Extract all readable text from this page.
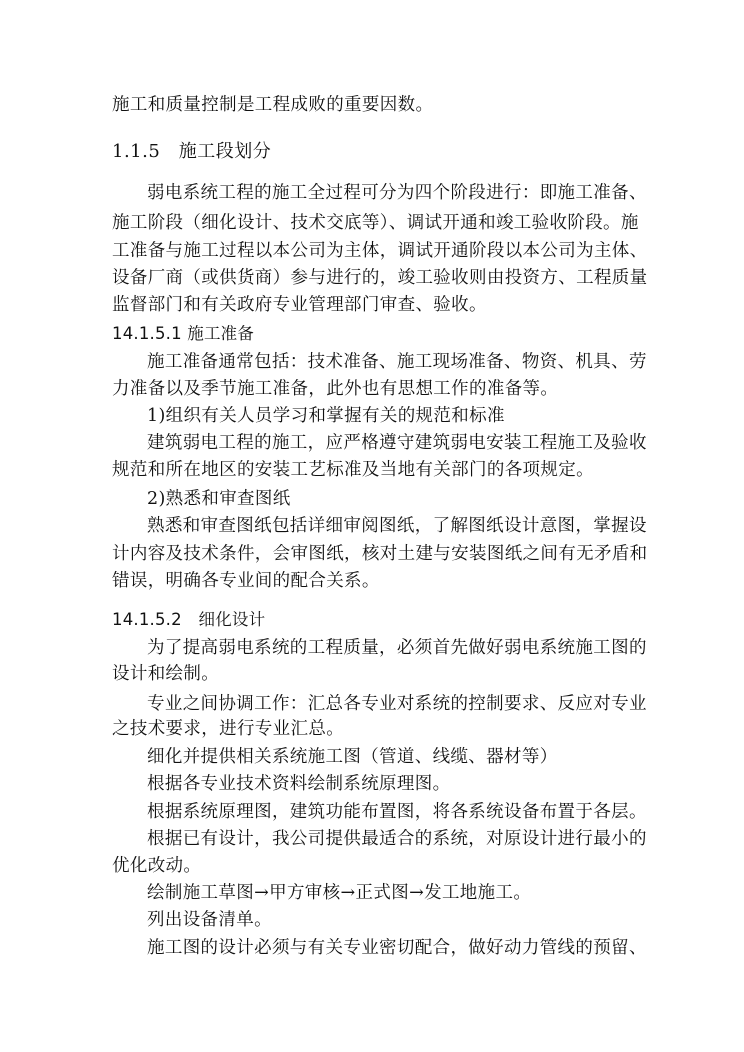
施工和质量控制是工程成败的重要因数。

1.1.5　施工段划分

弱电系统工程的施工全过程可分为四个阶段进行：即施工准备、

施工阶段（细化设计、技术交底等）、调试开通和竣工验收阶段。施

工准备与施工过程以本公司为主体，调试开通阶段以本公司为主体、

设备厂商（或供货商）参与进行的，竣工验收则由投资方、工程质量

监督部门和有关政府专业管理部门审查、验收。

14.1.5.1 施工准备

施工准备通常包括：技术准备、施工现场准备、物资、机具、劳

力准备以及季节施工准备，此外也有思想工作的准备等。

1)组织有关人员学习和掌握有关的规范和标准

建筑弱电工程的施工，应严格遵守建筑弱电安装工程施工及验收

规范和所在地区的安装工艺标准及当地有关部门的各项规定。

2)熟悉和审查图纸

熟悉和审查图纸包括详细审阅图纸，了解图纸设计意图，掌握设

计内容及技术条件，会审图纸，核对土建与安装图纸之间有无矛盾和

错误，明确各专业间的配合关系。

14.1.5.2　细化设计

为了提高弱电系统的工程质量，必须首先做好弱电系统施工图的

设计和绘制。

专业之间协调工作：汇总各专业对系统的控制要求、反应对专业

之技术要求，进行专业汇总。

细化并提供相关系统施工图（管道、线缆、器材等）

根据各专业技术资料绘制系统原理图。

根据系统原理图，建筑功能布置图，将各系统设备布置于各层。

根据已有设计，我公司提供最适合的系统，对原设计进行最小的

优化改动。

绘制施工草图→甲方审核→正式图→发工地施工。

列出设备清单。

施工图的设计必须与有关专业密切配合，做好动力管线的预留、
